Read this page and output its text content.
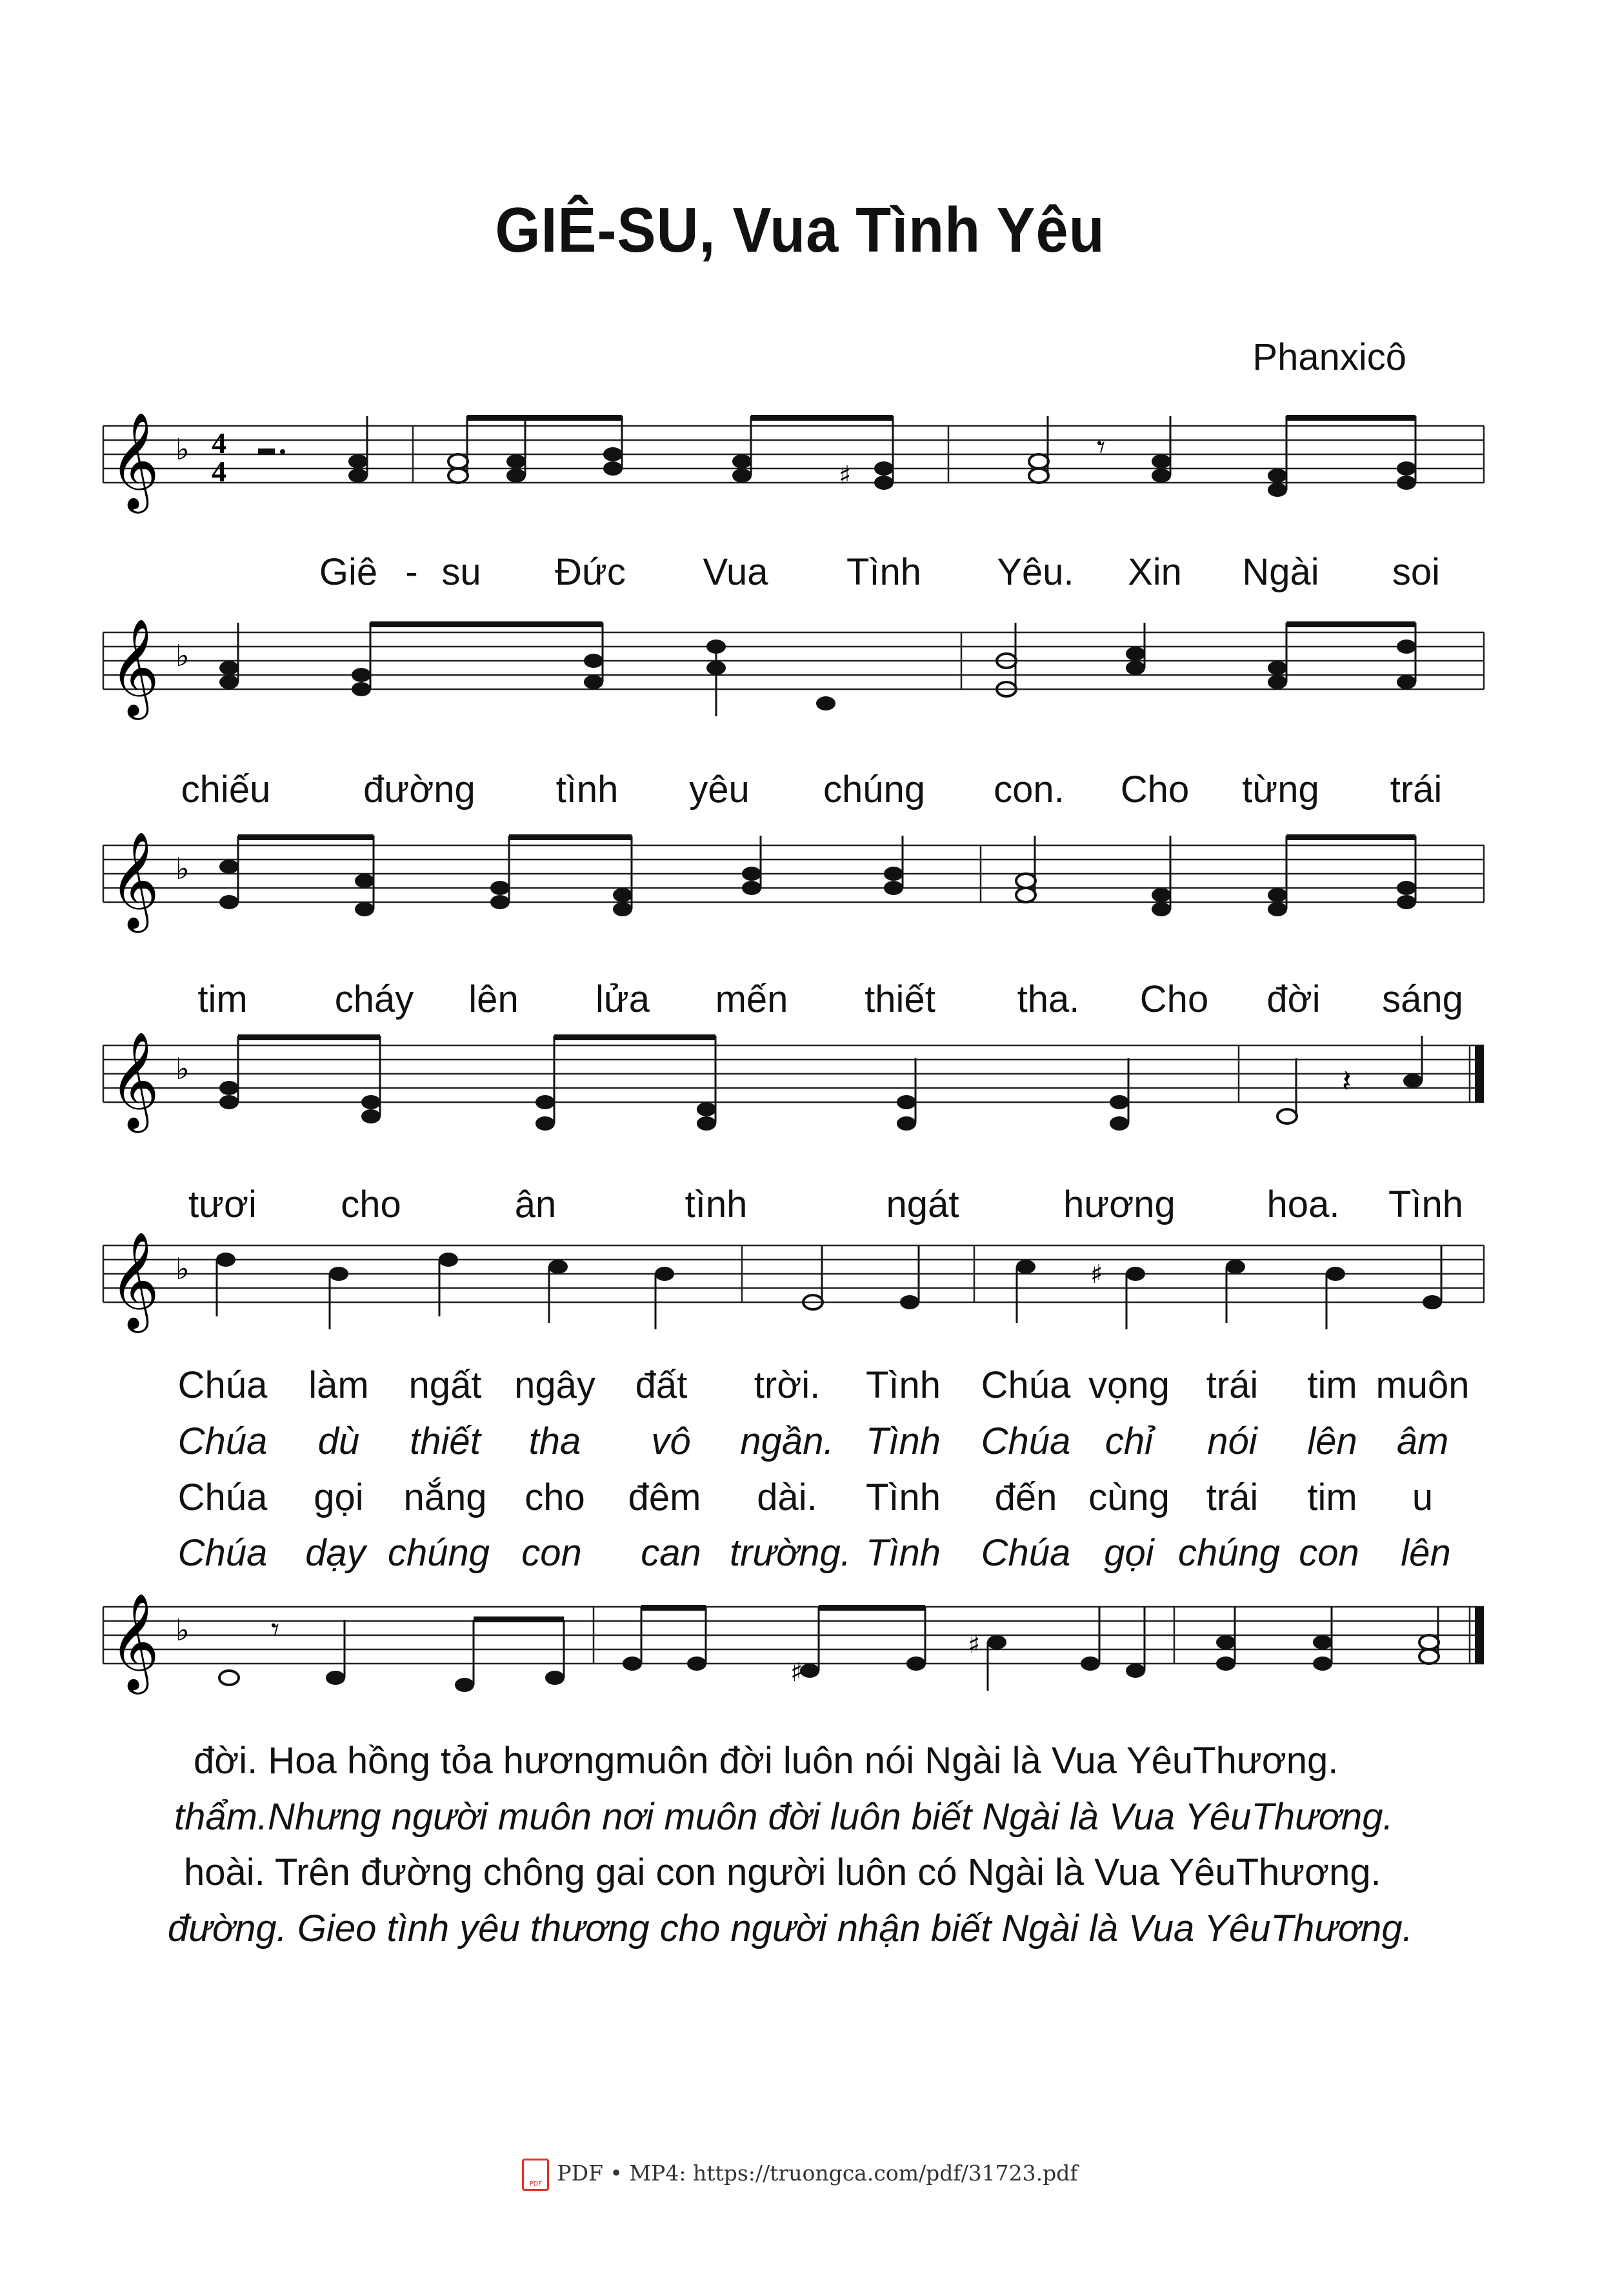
GIÊ-SU, Vua Tình Yêu
Phanxicô
𝄞 ♭ 4
4	♯
𝄾
Giê - su Đức Vua Tình Yêu. Xin Ngài soi
𝄞 ♭
chiếu đường tình yêu chúng con. Cho từng trái
𝄞 ♭
tim cháy lên lửa mến thiết tha. Cho đời sáng
𝄞 ♭	𝄽
tươi cho	ân	tình	ngát	hương hoa. Tình
𝄞 ♭	♯
Chúa làm ngất ngây đất trời. Tình Chúa vọng trái tim muôn
Chúa dù thiết tha vô ngần. Tình Chúa chỉ nói lên âm
Chúa gọi nắng cho đêm dài. Tình đến cùng trái tim u
Chúa dạy chúng con can trường. Tình Chúa gọi chúng con lên
𝄞 ♭	𝄾
♯
♯
đời. Hoa hồng tỏa hươngmuôn đời luôn nói Ngài là Vua YêuThương.
thẩm.Nhưng người muôn nơi muôn đời luôn biết Ngài là Vua YêuThương.
hoài. Trên đường chông gai con người luôn có Ngài là Vua YêuThương.
đường. Gieo tình yêu thương cho người nhận biết Ngài là Vua YêuThương.
PDFPDF • MP4: https://truongca.com/pdf/31723.pdf
